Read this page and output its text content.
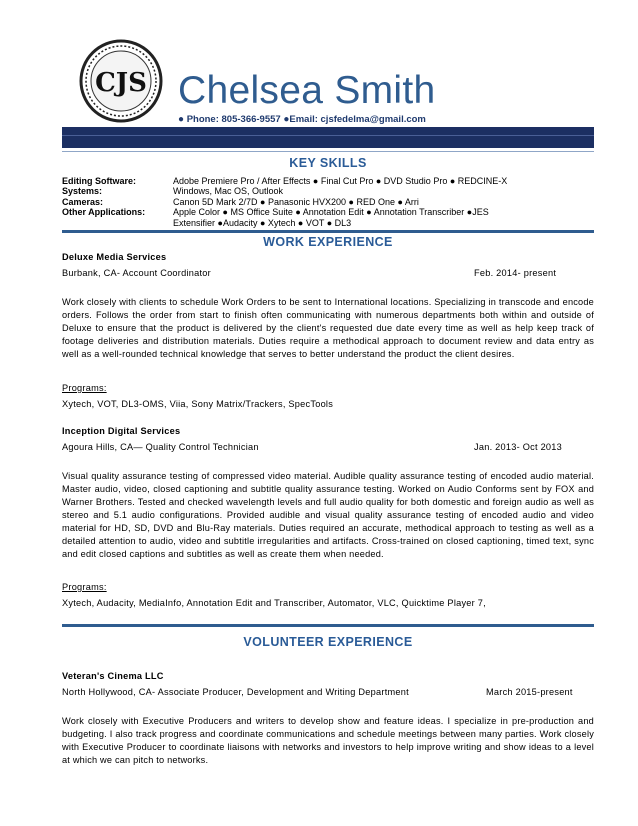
CJS Chelsea Smith
● Phone: 805-366-9557 ●Email: cjsfedelma@gmail.com
KEY SKILLS
Editing Software:	Adobe Premiere Pro / After Effects ● Final Cut Pro ● DVD Studio Pro ● REDCINE-X
Systems:	Windows, Mac OS, Outlook
Cameras:	Canon 5D Mark 2/7D ● Panasonic HVX200 ● RED One ● Arri
Other Applications:	Apple Color ● MS Office Suite ● Annotation Edit ● Annotation Transcriber ●JES
Extensifier ●Audacity ● Xytech ● VOT ● DL3
WORK EXPERIENCE
Deluxe Media Services
Burbank, CA- Account Coordinator	Feb. 2014- present
Work closely with clients to schedule Work Orders to be sent to International locations. Specializing in transcode and encode orders. Follows the order from start to finish often communicating with numerous departments both within and outside of Deluxe to ensure that the product is delivered by the client's requested due date every time as well as help keep track of footage deliveries and distribution materials. Duties require a methodical approach to document review and data entry as well as a well-rounded technical knowledge that serves to better understand the product the client desires.
Programs:
Xytech, VOT, DL3-OMS, Viia, Sony Matrix/Trackers, SpecTools
Inception Digital Services
Agoura Hills, CA— Quality Control Technician	Jan. 2013- Oct 2013
Visual quality assurance testing of compressed video material. Audible quality assurance testing of encoded audio material. Master audio, video, closed captioning and subtitle quality assurance testing. Worked on Audio Conforms sent by FOX and Warner Brothers. Tested and checked wavelength levels and full audio quality for both domestic and foreign audio as well as stereo and 5.1 audio configurations. Provided audible and visual quality assurance testing of encoded audio and video material for HD, SD, DVD and Blu-Ray materials. Duties required an accurate, methodical approach to testing as well as a detailed attention to audio, video and subtitle irregularities and artifacts. Cross-trained on closed captioning, timed text, sync and edit closed captions and subtitles as well as create them when needed.
Programs:
Xytech, Audacity, MediaInfo, Annotation Edit and Transcriber, Automator, VLC, Quicktime Player 7,
VOLUNTEER EXPERIENCE
Veteran's Cinema LLC
North Hollywood, CA- Associate Producer, Development and Writing Department	March 2015-present
Work closely with Executive Producers and writers to develop show and feature ideas. I specialize in pre-production and budgeting. I also track progress and coordinate communications and schedule meetings between many parties. Work closely with Executive Producer to coordinate liaisons with networks and investors to help improve writing and show ideas to a level at which we can pitch to networks.
